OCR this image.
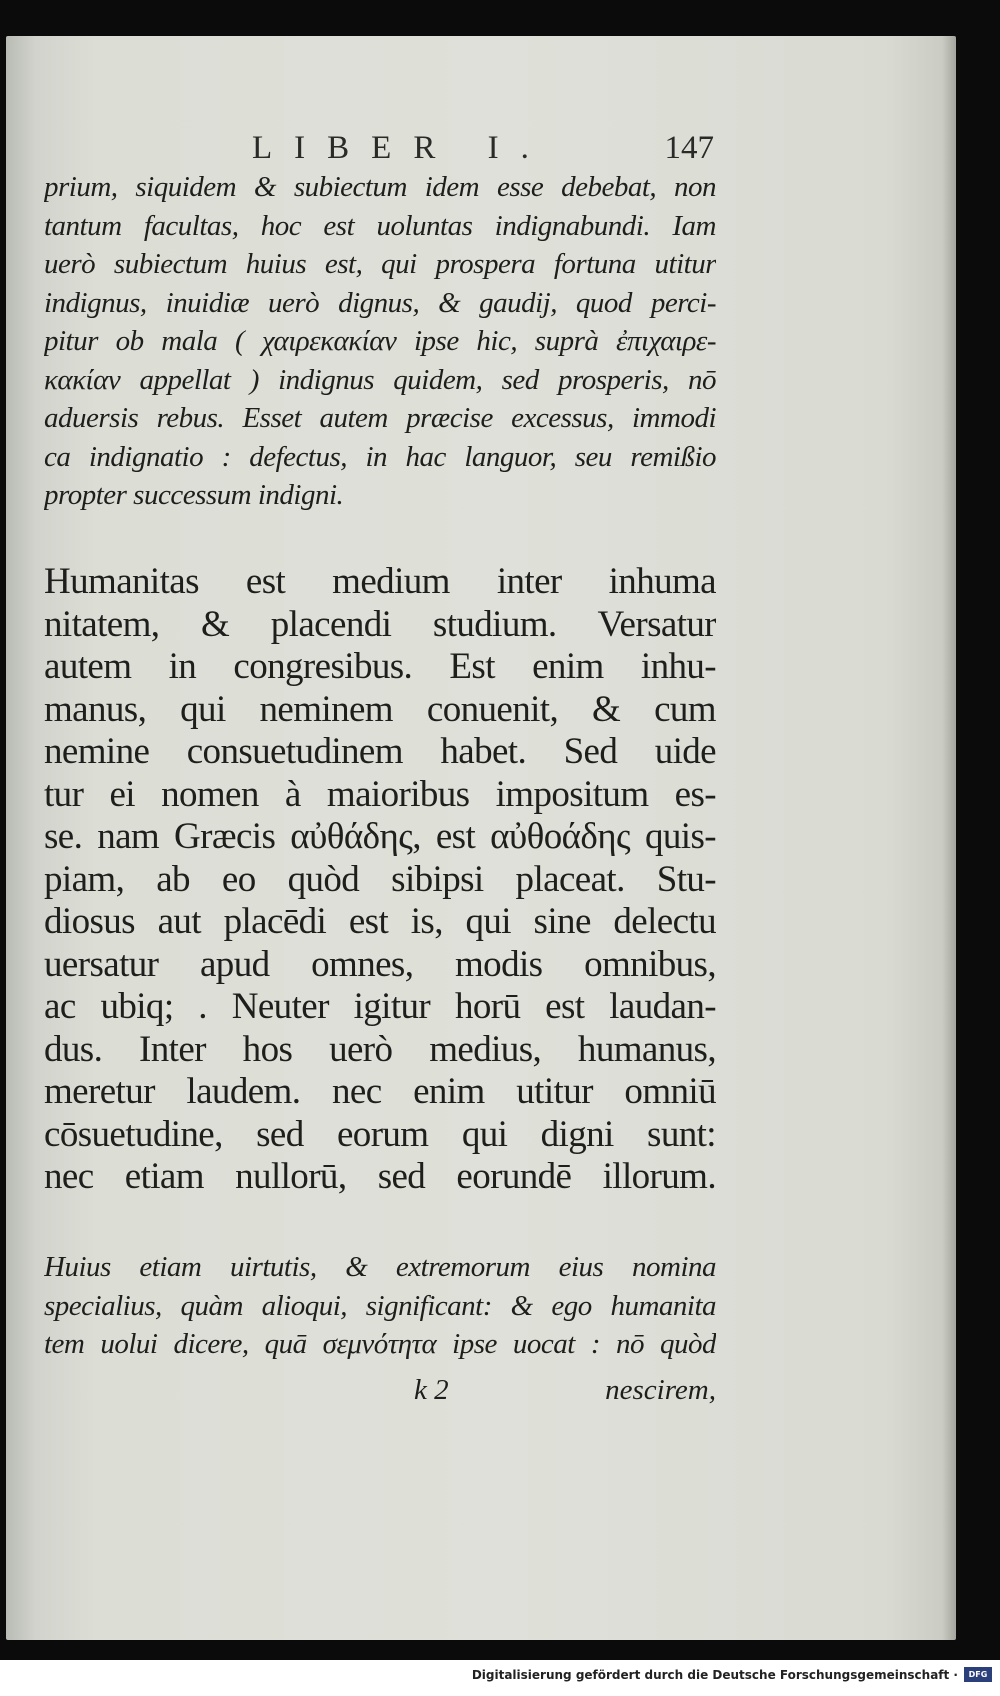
LIBER I.	147
prium, siquidem & subiectum idem esse debebat, non
tantum facultas, hoc est uoluntas indignabundi. Iam
uerò subiectum huius est, qui prospera fortuna utitur
indignus, inuidiæ uerò dignus, & gaudij, quod perci-
pitur ob mala ( χαιρεκακίαν ipse hic, suprà ἐπιχαιρε-
κακίαν appellat ) indignus quidem, sed prosperis, nō
aduersis rebus. Esset autem præcise excessus, immodi
ca indignatio : defectus, in hac languor, seu remißio
propter successum indigni.
Humanitas est medium inter inhuma
nitatem, & placendi studium. Versatur
autem in congresibus. Est enim inhu-
manus, qui neminem conuenit, & cum
nemine consuetudinem habet. Sed uide
tur ei nomen à maioribus impositum es-
se. nam Græcis αὐθάδης, est αὐθοάδης quis-
piam, ab eo quòd sibipsi placeat. Stu-
diosus aut placēdi est is, qui sine delectu
uersatur apud omnes, modis omnibus,
ac ubiq; . Neuter igitur horū est laudan-
dus. Inter hos uerò medius, humanus,
meretur laudem. nec enim utitur omniū
cōsuetudine, sed eorum qui digni sunt:
nec etiam nullorū, sed eorundē illorum.
Huius etiam uirtutis, & extremorum eius nomina
specialius, quàm alioqui, significant: & ego humanita
tem uolui dicere, quā σεμνότητα ipse uocat : nō quòd
k 2	nescirem,
Digitalisierung gefördert durch die Deutsche Forschungsgemeinschaft ·	DFG
